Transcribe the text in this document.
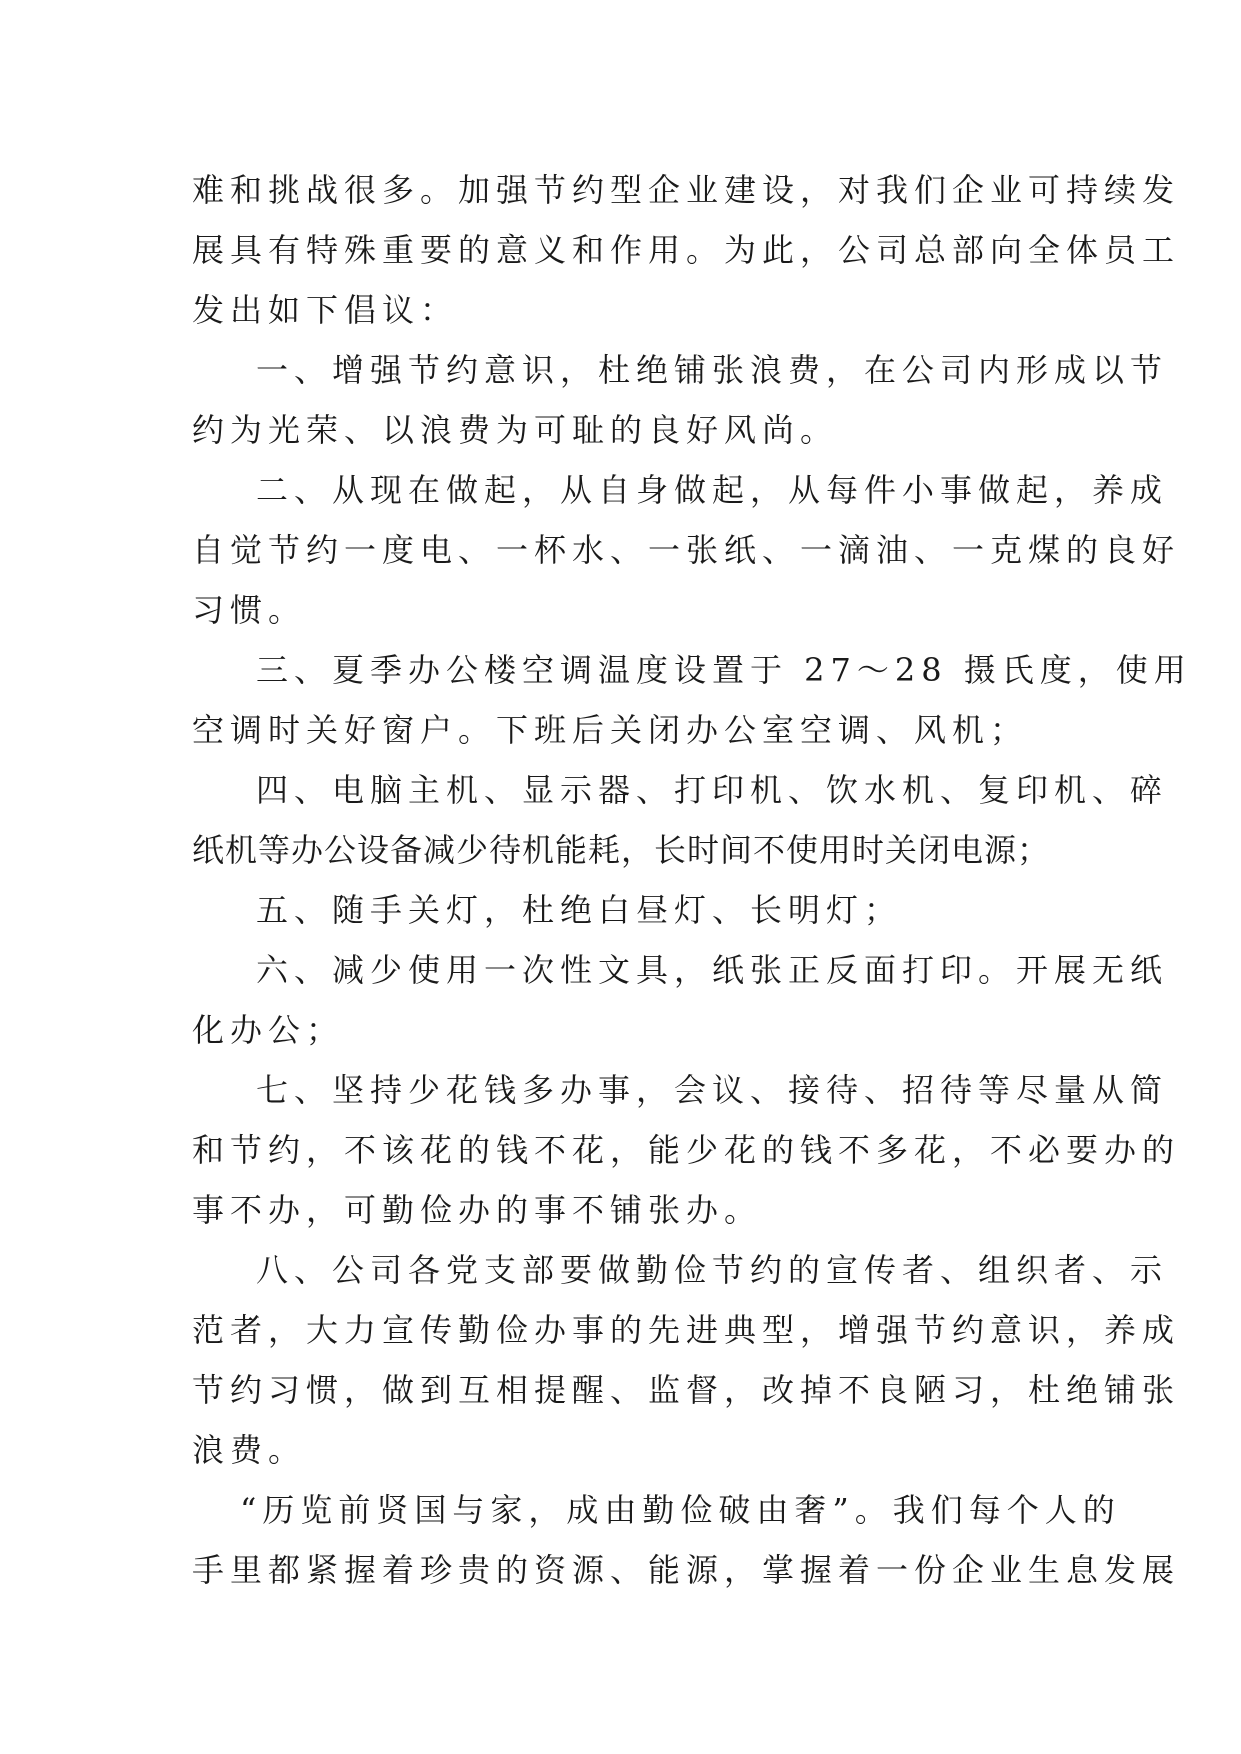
难和挑战很多。加强节约型企业建设，对我们企业可持续发
展具有特殊重要的意义和作用。为此，公司总部向全体员工
发出如下倡议：
一、增强节约意识，杜绝铺张浪费，在公司内形成以节
约为光荣、以浪费为可耻的良好风尚。
二、从现在做起，从自身做起，从每件小事做起，养成
自觉节约一度电、一杯水、一张纸、一滴油、一克煤的良好
习惯。
三、夏季办公楼空调温度设置于 27～28 摄氏度，使用
空调时关好窗户。下班后关闭办公室空调、风机；
四、电脑主机、显示器、打印机、饮水机、复印机、碎
纸机等办公设备减少待机能耗，长时间不使用时关闭电源；
五、随手关灯，杜绝白昼灯、长明灯；
六、减少使用一次性文具，纸张正反面打印。开展无纸
化办公；
七、坚持少花钱多办事，会议、接待、招待等尽量从简
和节约，不该花的钱不花，能少花的钱不多花，不必要办的
事不办，可勤俭办的事不铺张办。
八、公司各党支部要做勤俭节约的宣传者、组织者、示
范者，大力宣传勤俭办事的先进典型，增强节约意识，养成
节约习惯，做到互相提醒、监督，改掉不良陋习，杜绝铺张
浪费。
“历览前贤国与家，成由勤俭破由奢”。我们每个人的
手里都紧握着珍贵的资源、能源，掌握着一份企业生息发展
